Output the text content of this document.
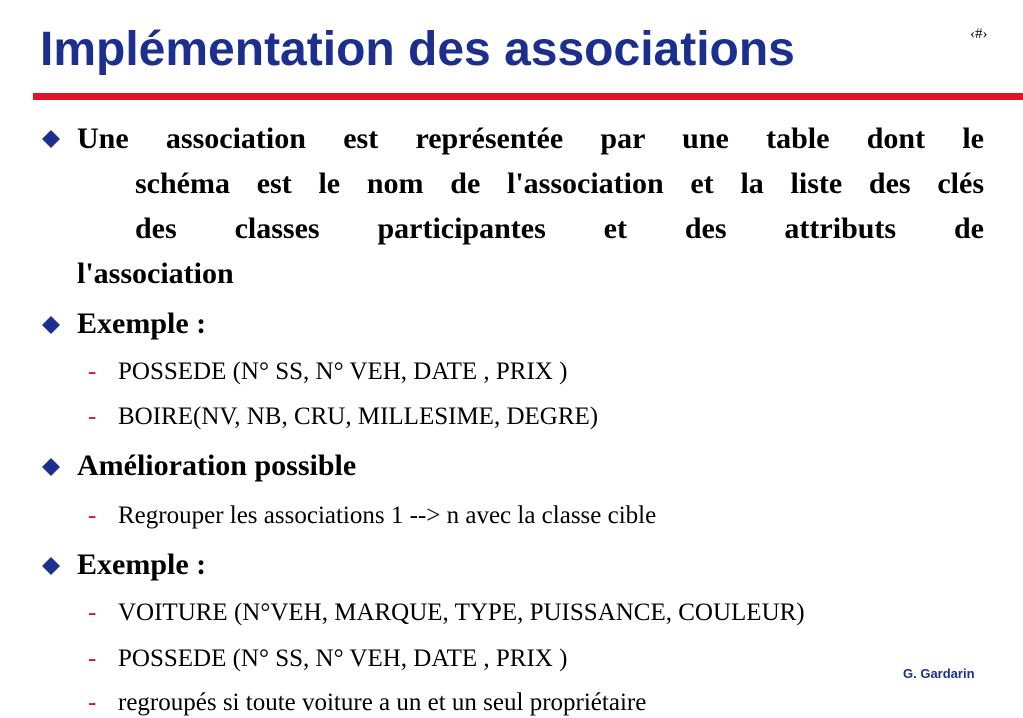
Implémentation des associations	‹#›
Une association est représentée par une table dont le
schéma est le nom de l'association et la liste des clés
des classes participantes et des attributs de
l'association
Exemple :
- POSSEDE (N° SS, N° VEH, DATE , PRIX )
- BOIRE(NV, NB, CRU, MILLESIME, DEGRE)
Amélioration possible
- Regrouper les associations 1 --> n avec la classe cible
Exemple :
- VOITURE (N°VEH, MARQUE, TYPE, PUISSANCE, COULEUR)
- POSSEDE (N° SS, N° VEH, DATE , PRIX )
- regroupés si toute voiture a un et un seul propriétaire
G. Gardarin
